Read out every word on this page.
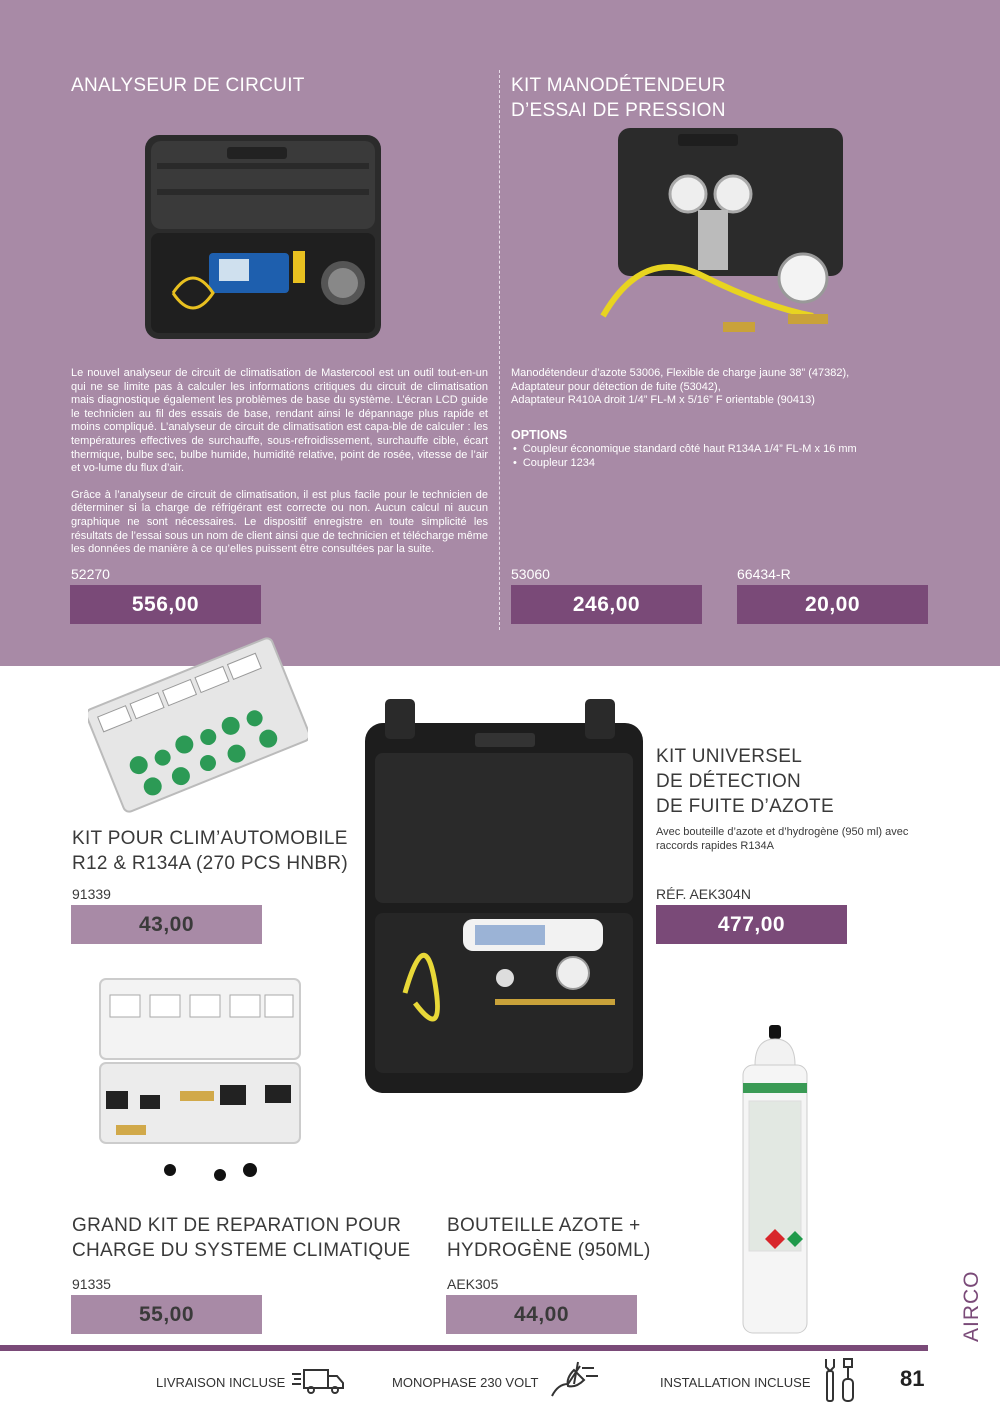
ANALYSEUR DE CIRCUIT

Le nouvel analyseur de circuit de climatisation de Mastercool est un outil tout-en-un qui ne se limite pas à calculer les informations critiques du circuit de climatisation mais diagnostique également les problèmes de base du système. L’écran LCD guide le technicien au fil des essais de base, rendant ainsi le dépannage plus rapide et moins compliqué. L’analyseur de circuit de climatisation est capa-ble de calculer : les températures effectives de surchauffe, sous-refroidissement, surchauffe cible, écart thermique, bulbe sec, bulbe humide, humidité relative, point de rosée, vitesse de l’air et vo-lume du flux d’air.

Grâce à l’analyseur de circuit de climatisation, il est plus facile pour le technicien de déterminer si la charge de réfrigérant est correcte ou non. Aucun calcul ni aucun graphique ne sont nécessaires. Le dispositif enregistre en toute simplicité les résultats de l’essai sous un nom de client ainsi que de technicien et télécharge même les données de manière à ce qu’elles puissent être consultées par la suite.

52270
556,00
KIT MANODÉTENDEUR
D’ESSAI DE PRESSION
Manodétendeur d’azote 53006, Flexible de charge jaune 38” (47382),
Adaptateur pour détection de fuite (53042),
Adaptateur R410A droit 1/4” FL-M x 5/16” F orientable (90413)
OPTIONS
• Coupleur économique standard côté haut R134A 1/4” FL-M x 16 mm
• Coupleur 1234
53060
246,00
66434-R
20,00
KIT POUR CLIM’AUTOMOBILE
R12 & R134A (270 PCS HNBR)
91339
43,00
KIT UNIVERSEL
DE DÉTECTION
DE FUITE D’AZOTE
Avec bouteille d’azote et d’hydrogène (950 ml) avec
raccords rapides R134A
RÉF. AEK304N
477,00
GRAND KIT DE REPARATION POUR
CHARGE DU SYSTEME CLIMATIQUE
91335
55,00
BOUTEILLE AZOTE +
HYDROGÈNE (950ML)
AEK305
44,00	AIRCO
LIVRAISON INCLUSE	MONOPHASE 230 VOLT	INSTALLATION INCLUSE	81
